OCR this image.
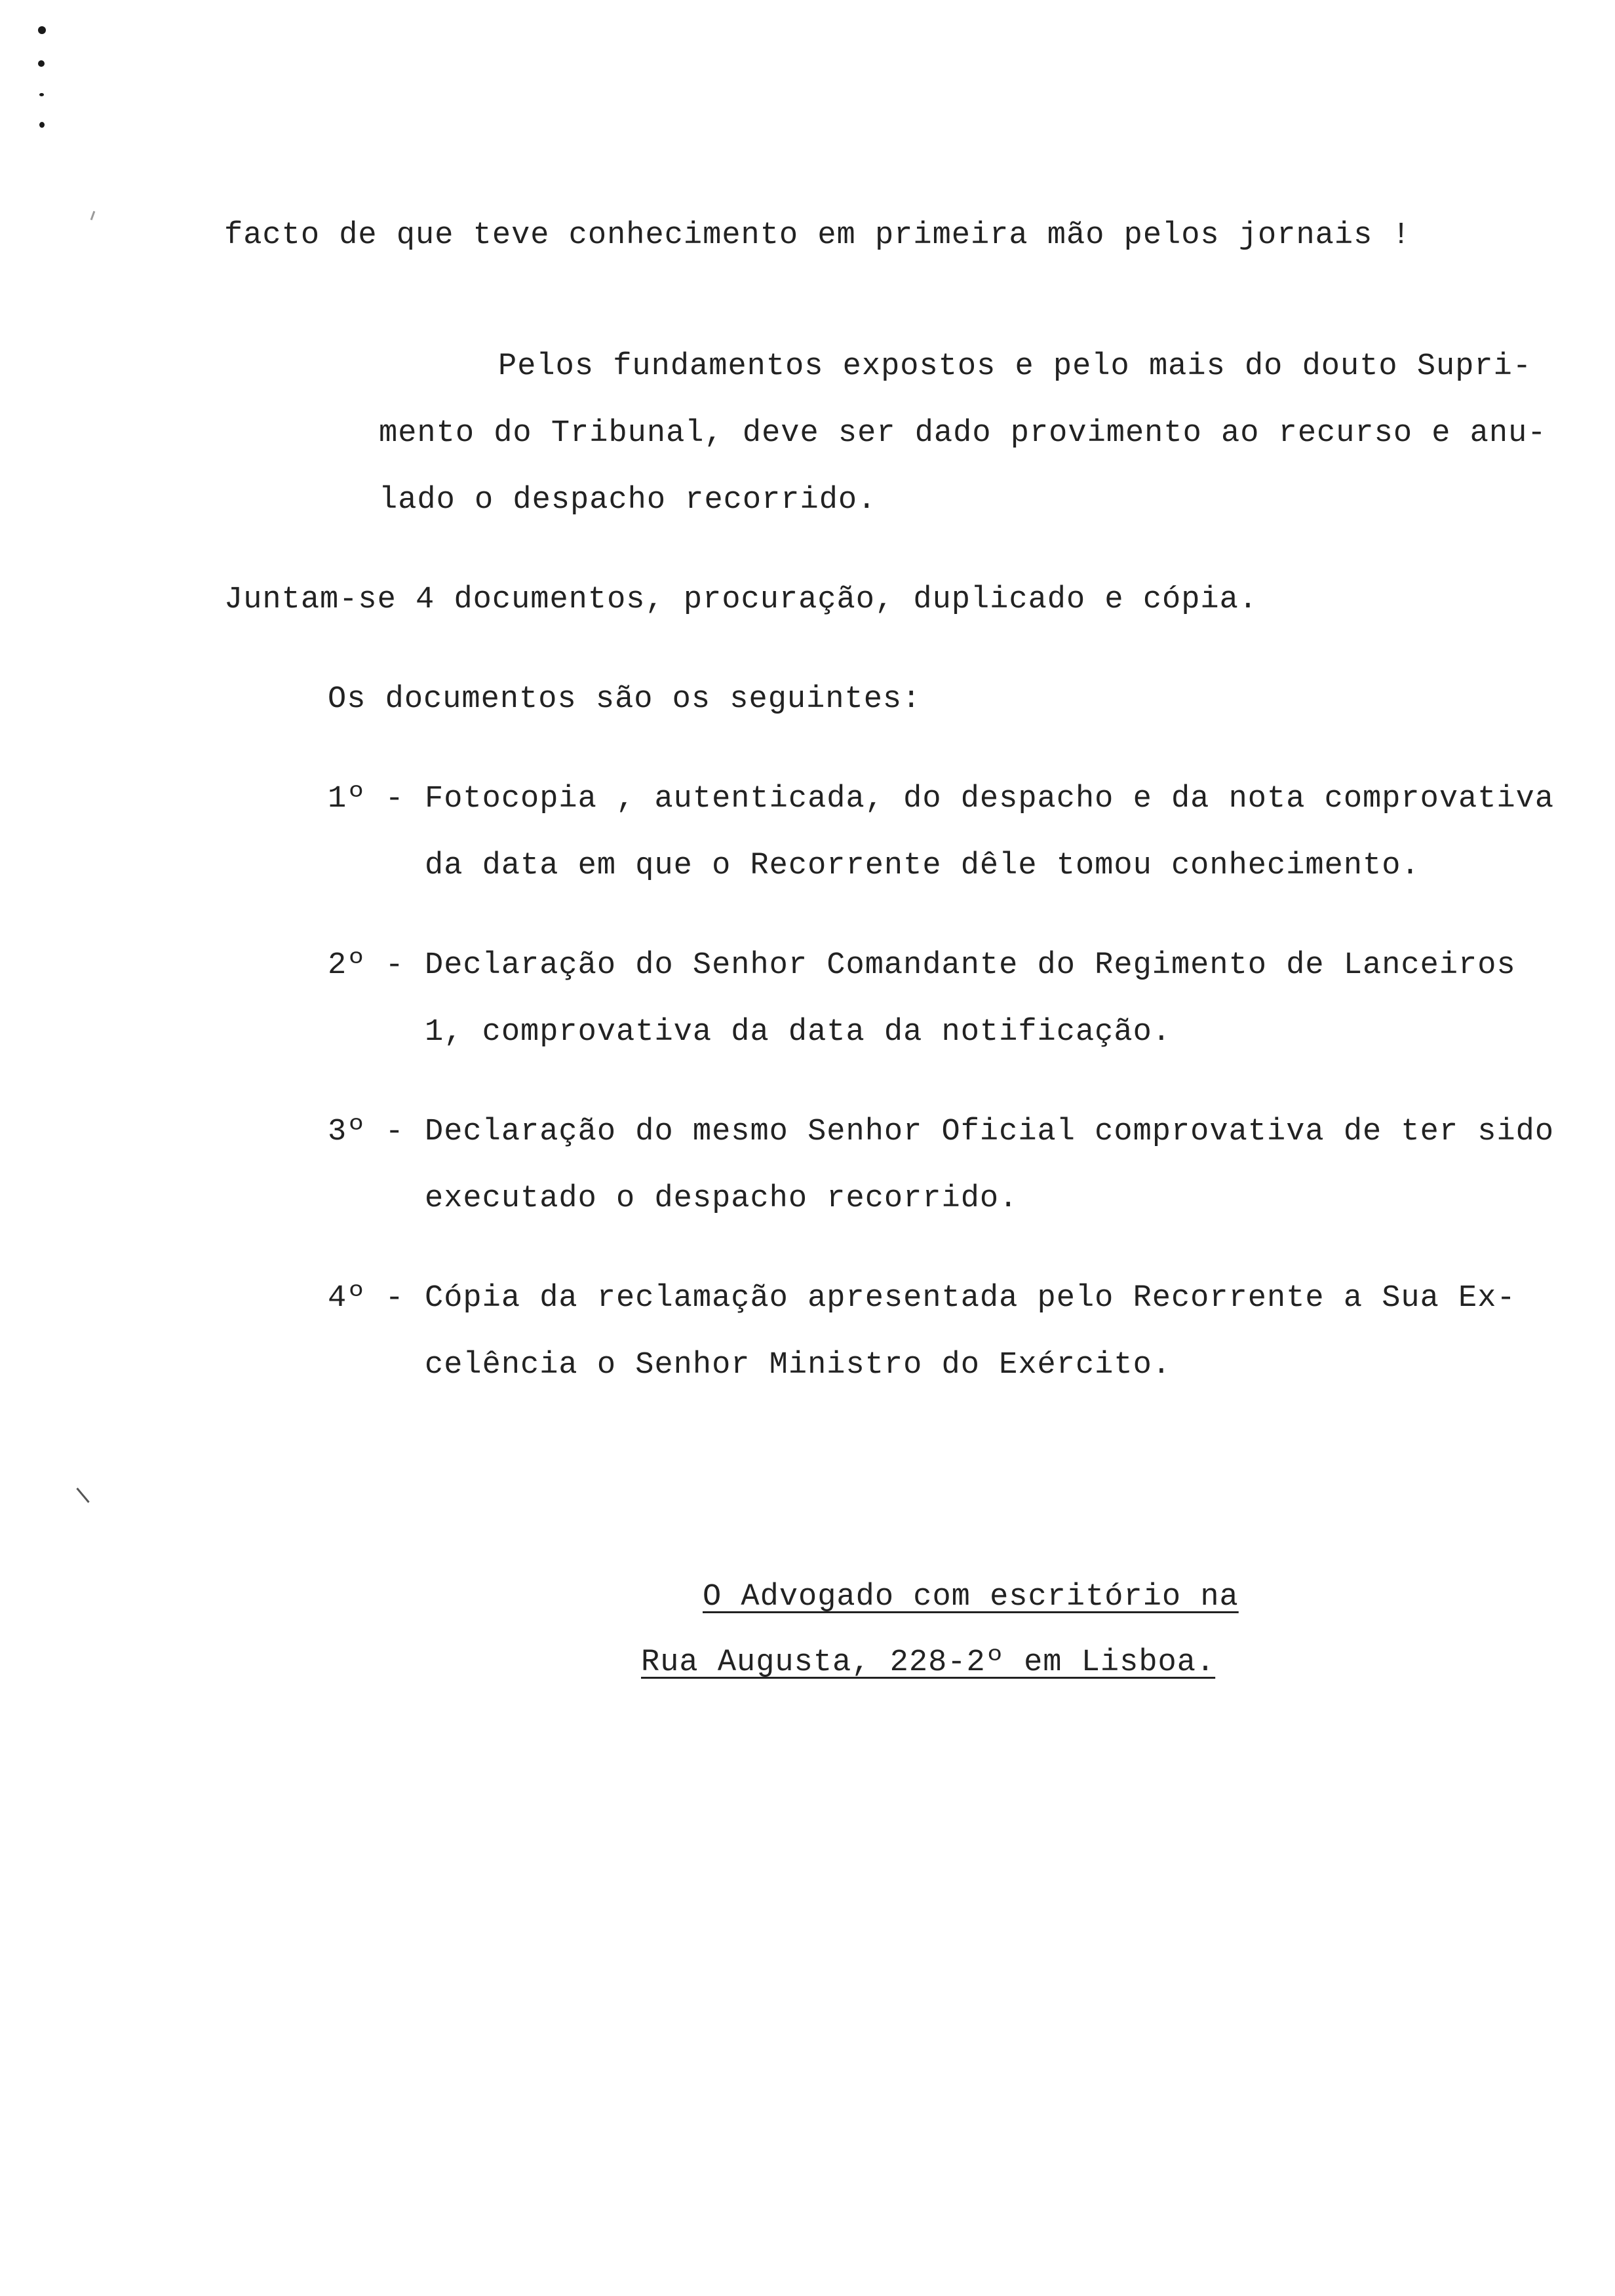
facto de que teve conhecimento em primeira mão pelos jornais !
Pelos fundamentos expostos e pelo mais do douto Supri-
mento do Tribunal, deve ser dado provimento ao recurso e anu-
lado o despacho recorrido.
Juntam-se 4 documentos, procuração, duplicado e cópia.
Os documentos são os seguintes:
1º - Fotocopia , autenticada, do despacho e da nota comprovativa
da data em que o Recorrente dêle tomou conhecimento.
2º - Declaração do Senhor Comandante do Regimento de Lanceiros
1, comprovativa da data da notificação.
3º - Declaração do mesmo Senhor Oficial comprovativa de ter sido
executado o despacho recorrido.
4º - Cópia da reclamação apresentada pelo Recorrente a Sua Ex-
celência o Senhor Ministro do Exército.
O Advogado com escritório na
Rua Augusta, 228-2º em Lisboa.
